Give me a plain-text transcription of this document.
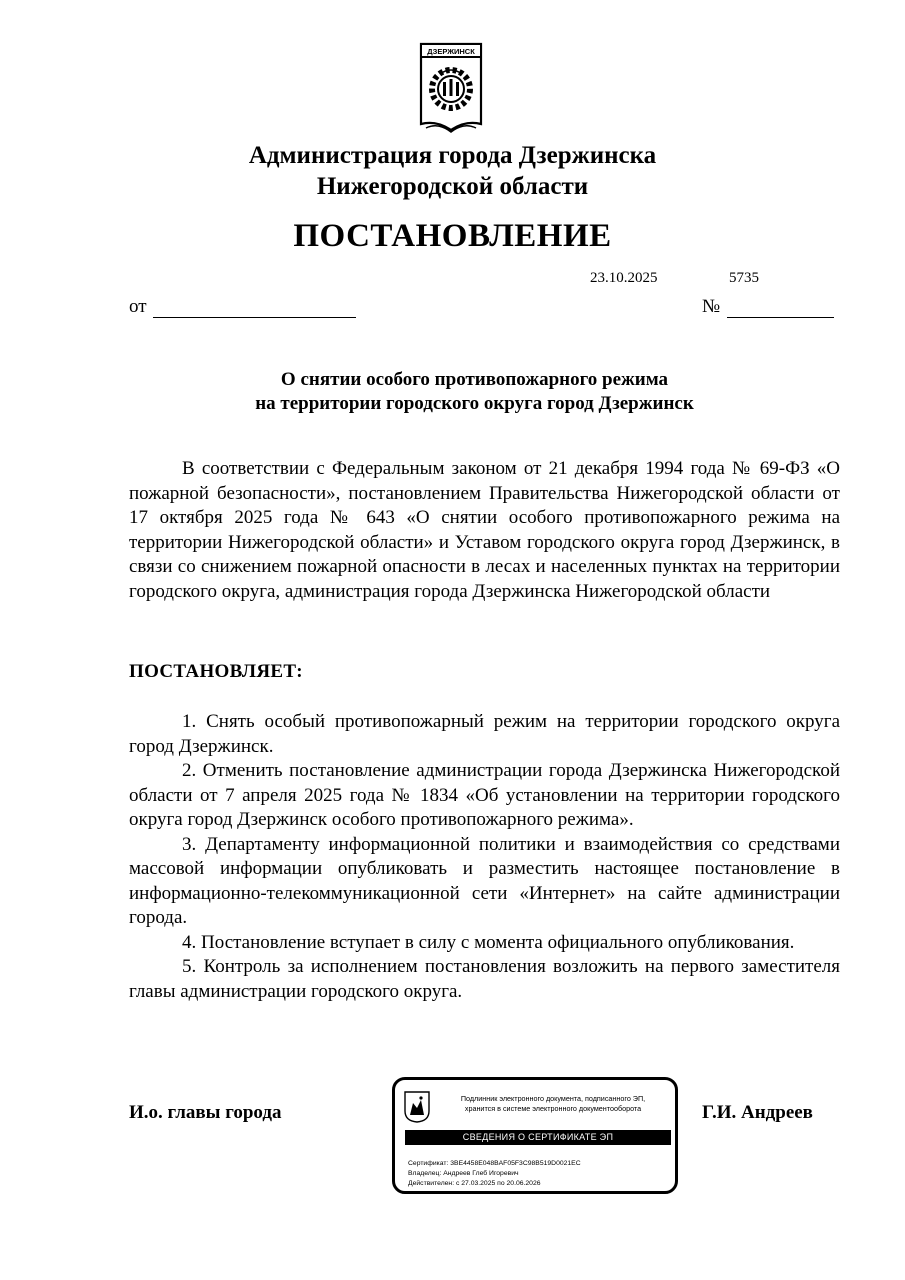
ДЗЕРЖИНСК
Администрация города Дзержинска
Нижегородской области
ПОСТАНОВЛЕНИЕ
23.10.2025	5735
от	№
О снятии особого противопожарного режима
на территории городского округа город Дзержинск

В соответствии с Федеральным законом от 21 декабря 1994 года № 69-ФЗ «О пожарной безопасности», постановлением Правительства Нижегородской области от 17 октября 2025 года № 643 «О снятии особого противопожарного режима на территории Нижегородской области» и Уставом городского округа город Дзержинск, в связи со снижением пожарной опасности в лесах и населенных пунктах на территории городского округа, администрация города Дзержинска Нижегородской области

ПОСТАНОВЛЯЕТ:

1. Снять особый противопожарный режим на территории городского округа город Дзержинск.

2. Отменить постановление администрации города Дзержинска Нижегородской области от 7 апреля 2025 года № 1834 «Об установлении на территории городского округа город Дзержинск особого противопожарного режима».

3. Департаменту информационной политики и взаимодействия со средствами массовой информации опубликовать и разместить настоящее постановление в информационно-телекоммуникационной сети «Интернет» на сайте администрации города.

4. Постановление вступает в силу с момента официального опубликования.

5. Контроль за исполнением постановления возложить на первого заместителя главы администрации городского округа.

И.о. главы города	Г.И. Андреев
Подлинник электронного документа, подписанного ЭП,
хранится в системе электронного документооборота
СВЕДЕНИЯ О СЕРТИФИКАТЕ ЭП
Сертификат: 3BE4458E048BAF05F3C98B519D0021EC
Владелец: Андреев Глеб Игоревич
Действителен: с 27.03.2025 по 20.06.2026
